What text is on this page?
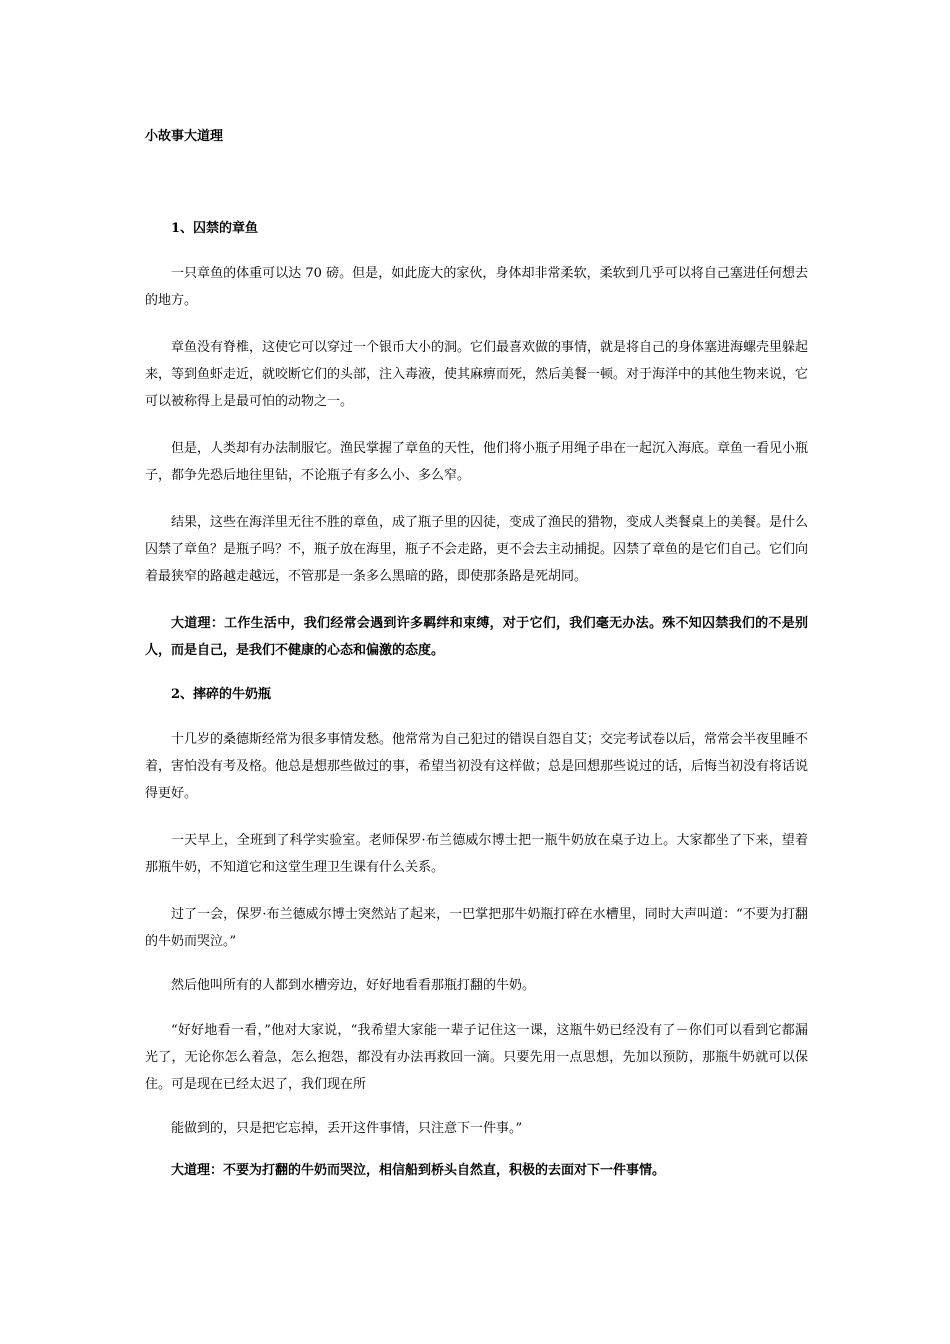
小故事大道理

1、囚禁的章鱼

一只章鱼的体重可以达 70 磅。但是，如此庞大的家伙，身体却非常柔软，柔软到几乎可以将自己塞进任何想去的地方。

章鱼没有脊椎，这使它可以穿过一个银币大小的洞。它们最喜欢做的事情，就是将自己的身体塞进海螺壳里躲起来，等到鱼虾走近，就咬断它们的头部，注入毒液，使其麻痹而死，然后美餐一顿。对于海洋中的其他生物来说，它可以被称得上是最可怕的动物之一。

但是，人类却有办法制服它。渔民掌握了章鱼的天性，他们将小瓶子用绳子串在一起沉入海底。章鱼一看见小瓶子，都争先恐后地往里钻，不论瓶子有多么小、多么窄。

结果，这些在海洋里无往不胜的章鱼，成了瓶子里的囚徒，变成了渔民的猎物，变成人类餐桌上的美餐。是什么囚禁了章鱼？是瓶子吗？不，瓶子放在海里，瓶子不会走路，更不会去主动捕捉。囚禁了章鱼的是它们自己。它们向着最狭窄的路越走越远，不管那是一条多么黑暗的路，即使那条路是死胡同。

大道理：工作生活中，我们经常会遇到许多羁绊和束缚，对于它们，我们毫无办法。殊不知囚禁我们的不是别人，而是自己，是我们不健康的心态和偏激的态度。

2、摔碎的牛奶瓶

十几岁的桑德斯经常为很多事情发愁。他常常为自己犯过的错误自怨自艾；交完考试卷以后，常常会半夜里睡不着，害怕没有考及格。他总是想那些做过的事，希望当初没有这样做；总是回想那些说过的话，后悔当初没有将话说得更好。

一天早上，全班到了科学实验室。老师保罗·布兰德威尔博士把一瓶牛奶放在桌子边上。大家都坐了下来，望着那瓶牛奶，不知道它和这堂生理卫生课有什么关系。

过了一会，保罗·布兰德威尔博士突然站了起来，一巴掌把那牛奶瓶打碎在水槽里，同时大声叫道：“不要为打翻的牛奶而哭泣。”

然后他叫所有的人都到水槽旁边，好好地看看那瓶打翻的牛奶。

“好好地看一看，”他对大家说，“我希望大家能一辈子记住这一课，这瓶牛奶已经没有了－你们可以看到它都漏光了，无论你怎么着急，怎么抱怨，都没有办法再救回一滴。只要先用一点思想，先加以预防，那瓶牛奶就可以保住。可是现在已经太迟了，我们现在所

能做到的，只是把它忘掉，丢开这件事情，只注意下一件事。”

大道理：不要为打翻的牛奶而哭泣，相信船到桥头自然直，积极的去面对下一件事情。
